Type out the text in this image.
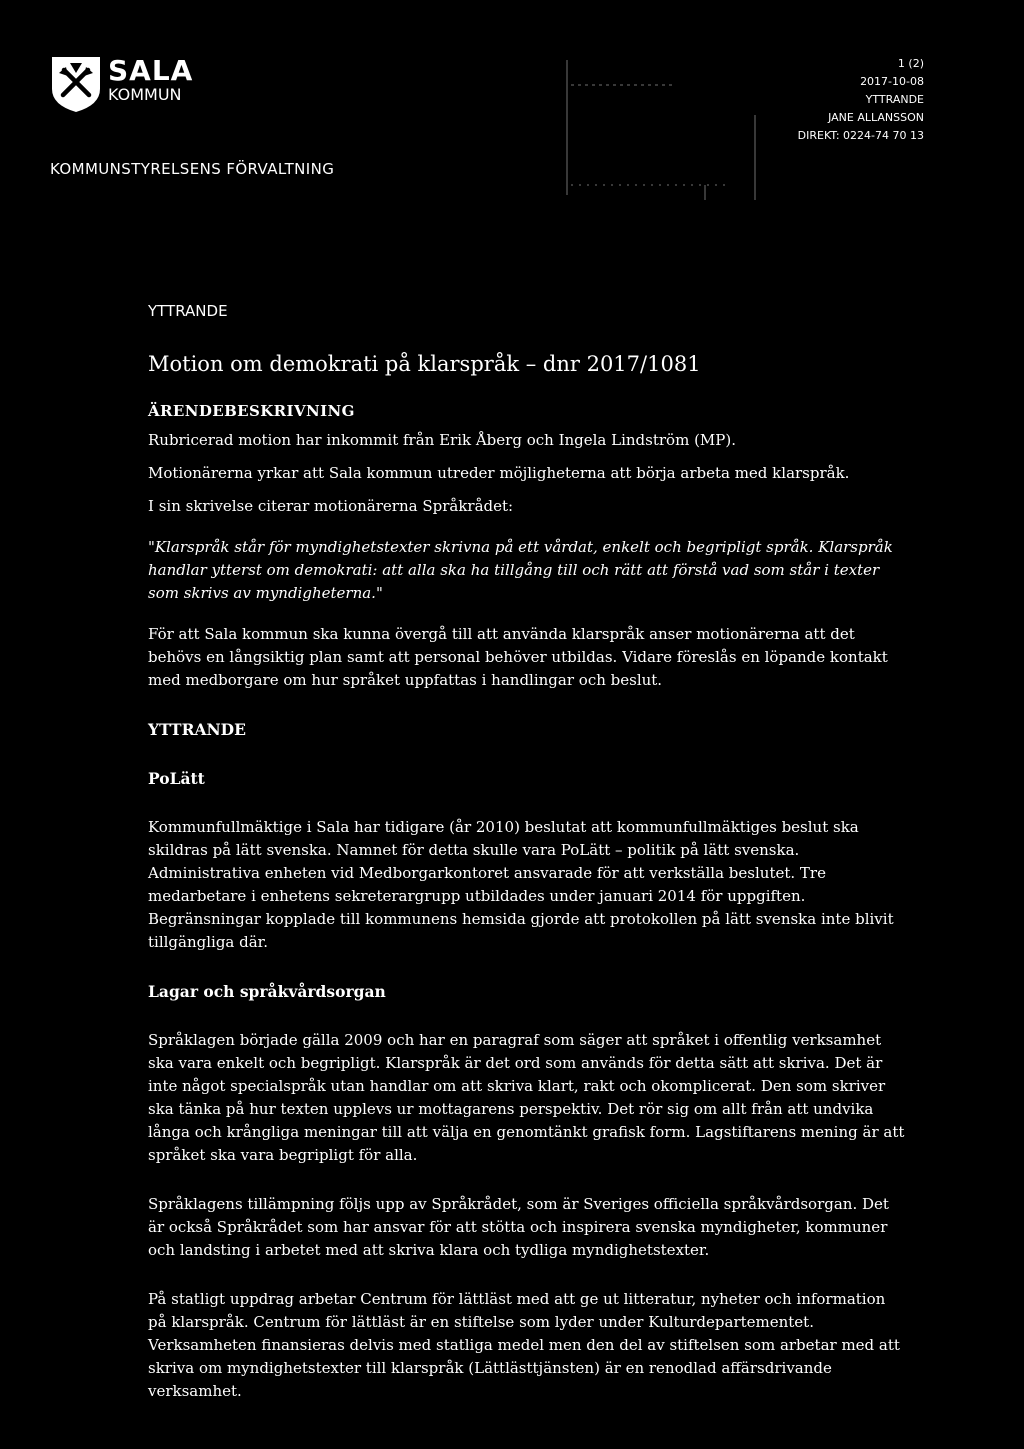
SALA
KOMMUN
KOMMUNSTYRELSENS FÖRVALTNING
1 (2)
2017-10-08
YTTRANDE
JANE ALLANSSON
DIREKT: 0224-74 70 13
YTTRANDE
Motion om demokrati på klarspråk – dnr 2017/1081

ÄRENDEBESKRIVNING

Rubricerad motion har inkommit från Erik Åberg och Ingela Lindström (MP).

Motionärerna yrkar att Sala kommun utreder möjligheterna att börja arbeta med klarspråk.

I sin skrivelse citerar motionärerna Språkrådet:

"Klarspråk står för myndighetstexter skrivna på ett vårdat, enkelt och begripligt språk. Klarspråk handlar ytterst om demokrati: att alla ska ha tillgång till och rätt att förstå vad som står i texter som skrivs av myndigheterna."

För att Sala kommun ska kunna övergå till att använda klarspråk anser motionärerna att det behövs en långsiktig plan samt att personal behöver utbildas. Vidare föreslås en löpande kontakt med medborgare om hur språket uppfattas i handlingar och beslut.

YTTRANDE

PoLätt

Kommunfullmäktige i Sala har tidigare (år 2010) beslutat att kommunfullmäktiges beslut ska skildras på lätt svenska. Namnet för detta skulle vara PoLätt – politik på lätt svenska. Administrativa enheten vid Medborgarkontoret ansvarade för att verkställa beslutet. Tre medarbetare i enhetens sekreterargrupp utbildades under januari 2014 för uppgiften. Begränsningar kopplade till kommunens hemsida gjorde att protokollen på lätt svenska inte blivit tillgängliga där.

Lagar och språkvårdsorgan

Språklagen började gälla 2009 och har en paragraf som säger att språket i offentlig verksamhet ska vara enkelt och begripligt. Klarspråk är det ord som används för detta sätt att skriva. Det är inte något specialspråk utan handlar om att skriva klart, rakt och okomplicerat. Den som skriver ska tänka på hur texten upplevs ur mottagarens perspektiv. Det rör sig om allt från att undvika långa och krångliga meningar till att välja en genomtänkt grafisk form. Lagstiftarens mening är att språket ska vara begripligt för alla.

Språklagens tillämpning följs upp av Språkrådet, som är Sveriges officiella språkvårdsorgan. Det är också Språkrådet som har ansvar för att stötta och inspirera svenska myndigheter, kommuner och landsting i arbetet med att skriva klara och tydliga myndighetstexter.

På statligt uppdrag arbetar Centrum för lättläst med att ge ut litteratur, nyheter och information på klarspråk. Centrum för lättläst är en stiftelse som lyder under Kulturdepartementet. Verksamheten finansieras delvis med statliga medel men den del av stiftelsen som arbetar med att skriva om myndighetstexter till klarspråk (Lättlästtjänsten) är en renodlad affärsdrivande verksamhet.
